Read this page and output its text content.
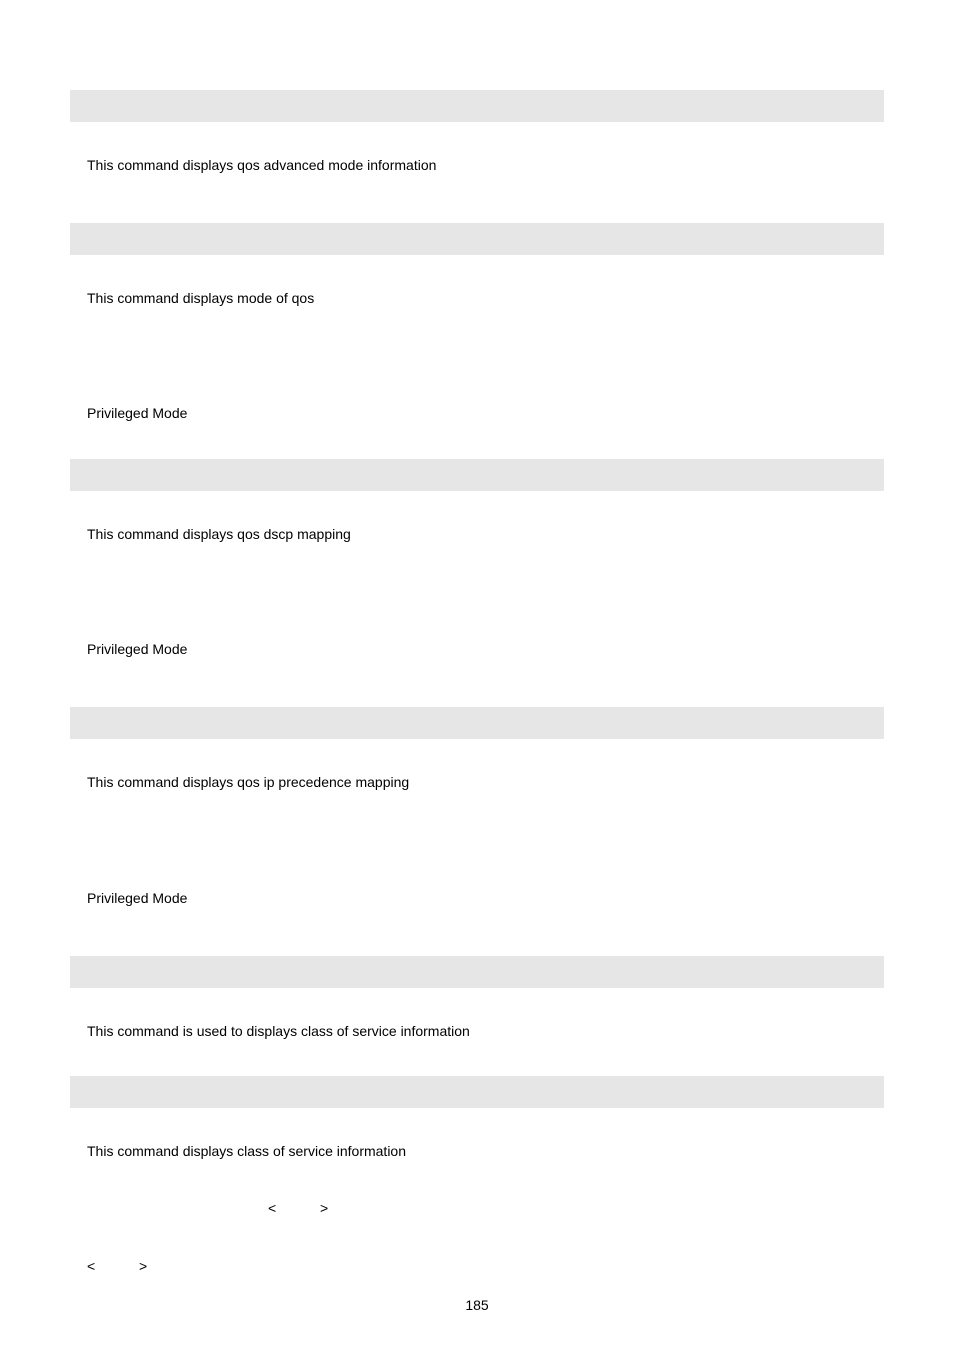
This command displays qos advanced mode information
This command displays mode of qos
Privileged Mode
This command displays qos dscp mapping
Privileged Mode
This command displays qos ip precedence mapping
Privileged Mode
This command is used to displays class of service information
This command displays class of service information
<	>
<	>
185
